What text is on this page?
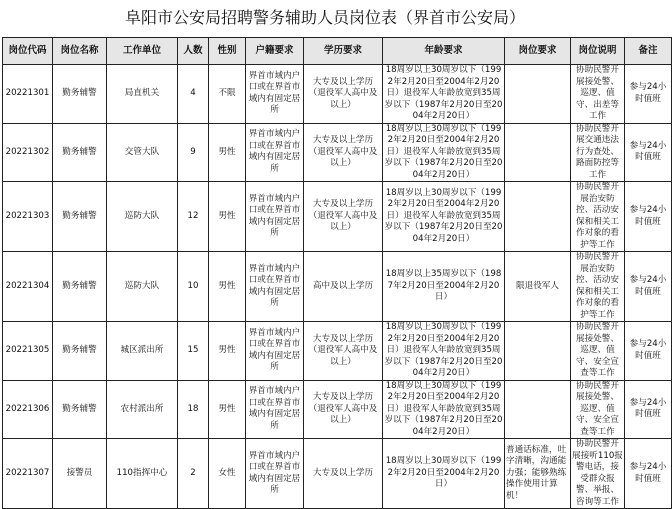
阜阳市公安局招聘警务辅助人员岗位表（界首市公安局）
岗位代码	岗位名称	工作单位	人数	性别	户籍要求	学历要求	年龄要求	岗位要求	岗位说明	备注
20221301	勤务辅警	局直机关	4	不限	界首市域内户口或在界首市域内有固定居所	大专及以上学历（退役军人高中及以上）	18周岁以上30周岁以下（1992年2月20日至2004年2月20日）退役军人年龄放宽到35周岁以下（1987年2月20日至2004年2月20日）		协助民警开展接处警、巡逻、值守、出差等工作	参与24小时值班
20221302	勤务辅警	交管大队	9	男性	界首市域内户口或在界首市域内有固定居所	大专及以上学历（退役军人高中及以上）	18周岁以上30周岁以下（1992年2月20日至2004年2月20日）退役军人年龄放宽到35周岁以下（1987年2月20日至2004年2月20日）		协助民警开展交通违法行为查处、路面防控等工作	参与24小时值班
20221303	勤务辅警	巡防大队	12	男性	界首市域内户口或在界首市域内有固定居所	大专及以上学历（退役军人高中及以上）	18周岁以上30周岁以下（1992年2月20日至2004年2月20日）退役军人年龄放宽到35周岁以下（1987年2月20日至2004年2月20日）		协助民警开展治安防控、活动安保和相关工作对象的看护等工作	参与24小时值班
20221304	勤务辅警	巡防大队	10	男性	界首市域内户口或在界首市域内有固定居所	高中及以上学历	18周岁以上35周岁以下（1987年2月20日至2004年2月20日）	限退役军人	协助民警开展治安防控、活动安保和相关工作对象的看护等工作	参与24小时值班
20221305	勤务辅警	城区派出所	15	男性	界首市域内户口或在界首市域内有固定居所	大专及以上学历（退役军人高中及以上）	18周岁以上30周岁以下（1992年2月20日至2004年2月20日）退役军人年龄放宽到35周岁以下（1987年2月20日至2004年2月20日）		协助民警开展接处警、巡逻、值守、安全宣查等工作	参与24小时值班
20221306	勤务辅警	农村派出所	18	男性	界首市域内户口或在界首市域内有固定居所	大专及以上学历（退役军人高中及以上）	18周岁以上30周岁以下（1992年2月20日至2004年2月20日）退役军人年龄放宽到35周岁以下（1987年2月20日至2004年2月20日）		协助民警开展接处警、巡逻、值守、安全宣查等工作	参与24小时值班
20221307	接警员	110指挥中心	2	女性	界首市域内户口或在界首市域内有固定居所	大专及以上学历	18周岁以上30周岁以下（1992年2月20日至2004年2月20日）	普通话标准，吐字清晰，沟通能力强；能够熟练操作使用计算机！	协助民警开展接听110报警电话，接受群众报警、举报、咨询等工作	参与24小时值班
